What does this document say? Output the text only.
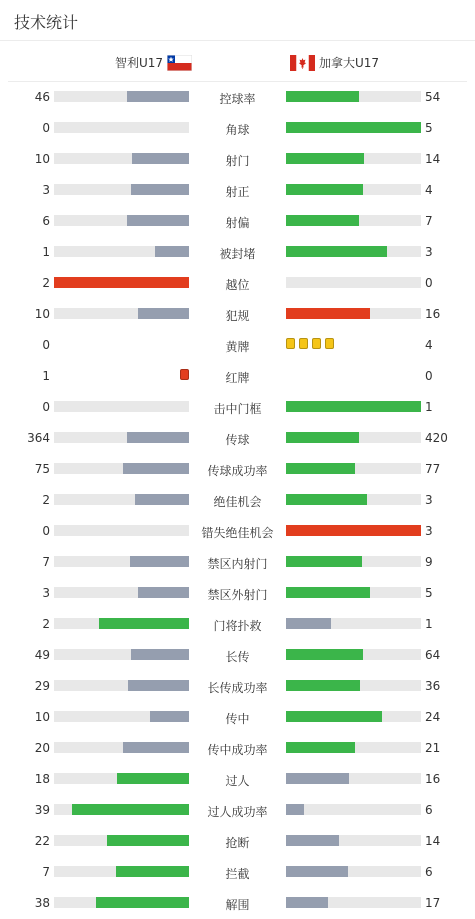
技术统计
智利U17	加拿大U17
46	控球率	54
0	角球	5
10	射门	14
3	射正	4
6	射偏	7
1	被封堵	3
2	越位	0
10	犯规	16
0	黄牌	4
1	红牌	0
0	击中门框	1
364	传球	420
75	传球成功率	77
2	绝佳机会	3
0	错失绝佳机会	3
7	禁区内射门	9
3	禁区外射门	5
2	门将扑救	1
49	长传	64
29	长传成功率	36
10	传中	24
20	传中成功率	21
18	过人	16
39	过人成功率	6
22	抢断	14
7	拦截	6
38	解围	17
